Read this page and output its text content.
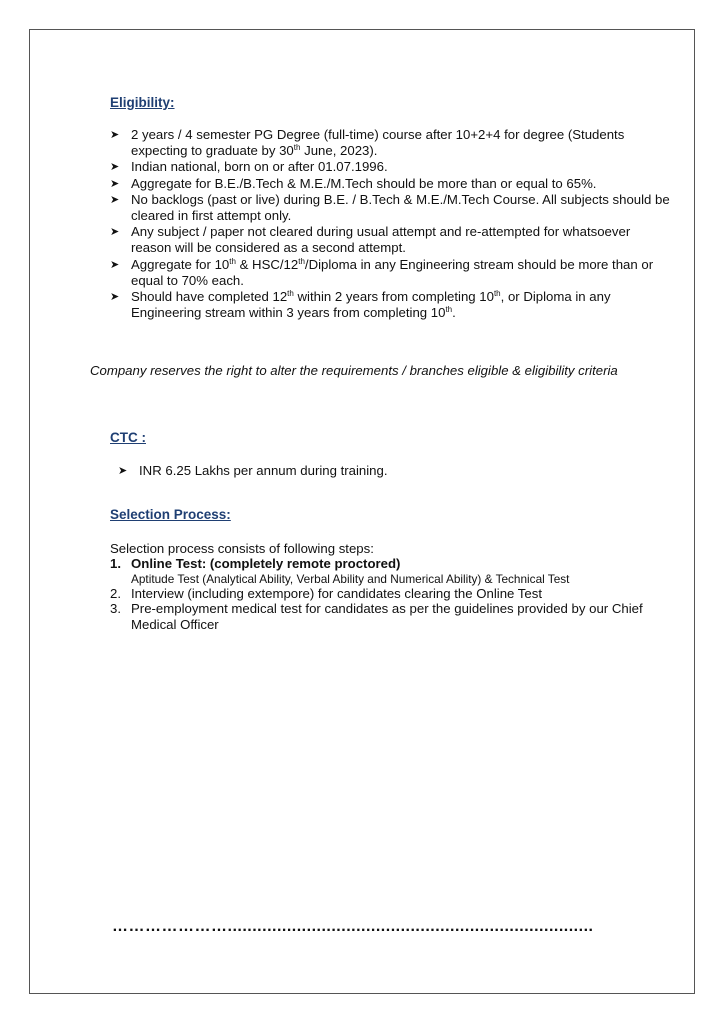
Eligibility:
➤ 2 years / 4 semester PG Degree (full-time) course after 10+2+4 for degree (Students expecting to graduate by 30th June, 2023).
➤ Indian national, born on or after 01.07.1996.
➤ Aggregate for B.E./B.Tech & M.E./M.Tech should be more than or equal to 65%.
➤ No backlogs (past or live) during B.E. / B.Tech & M.E./M.Tech Course. All subjects should be cleared in first attempt only.
➤ Any subject / paper not cleared during usual attempt and re-attempted for whatsoever reason will be considered as a second attempt.
➤ Aggregate for 10th & HSC/12th/Diploma in any Engineering stream should be more than or equal to 70% each.
➤ Should have completed 12th within 2 years from completing 10th, or Diploma in any Engineering stream within 3 years from completing 10th.
Company reserves the right to alter the requirements / branches eligible & eligibility criteria
CTC :
➤ INR 6.25 Lakhs per annum during training.
Selection Process:
Selection process consists of following steps:
1. Online Test: (completely remote proctored)
Aptitude Test (Analytical Ability, Verbal Ability and Numerical Ability) & Technical Test
2. Interview (including extempore) for candidates clearing the Online Test
3. Pre-employment medical test for candidates as per the guidelines provided by our Chief Medical Officer
…………………..........................................................................
